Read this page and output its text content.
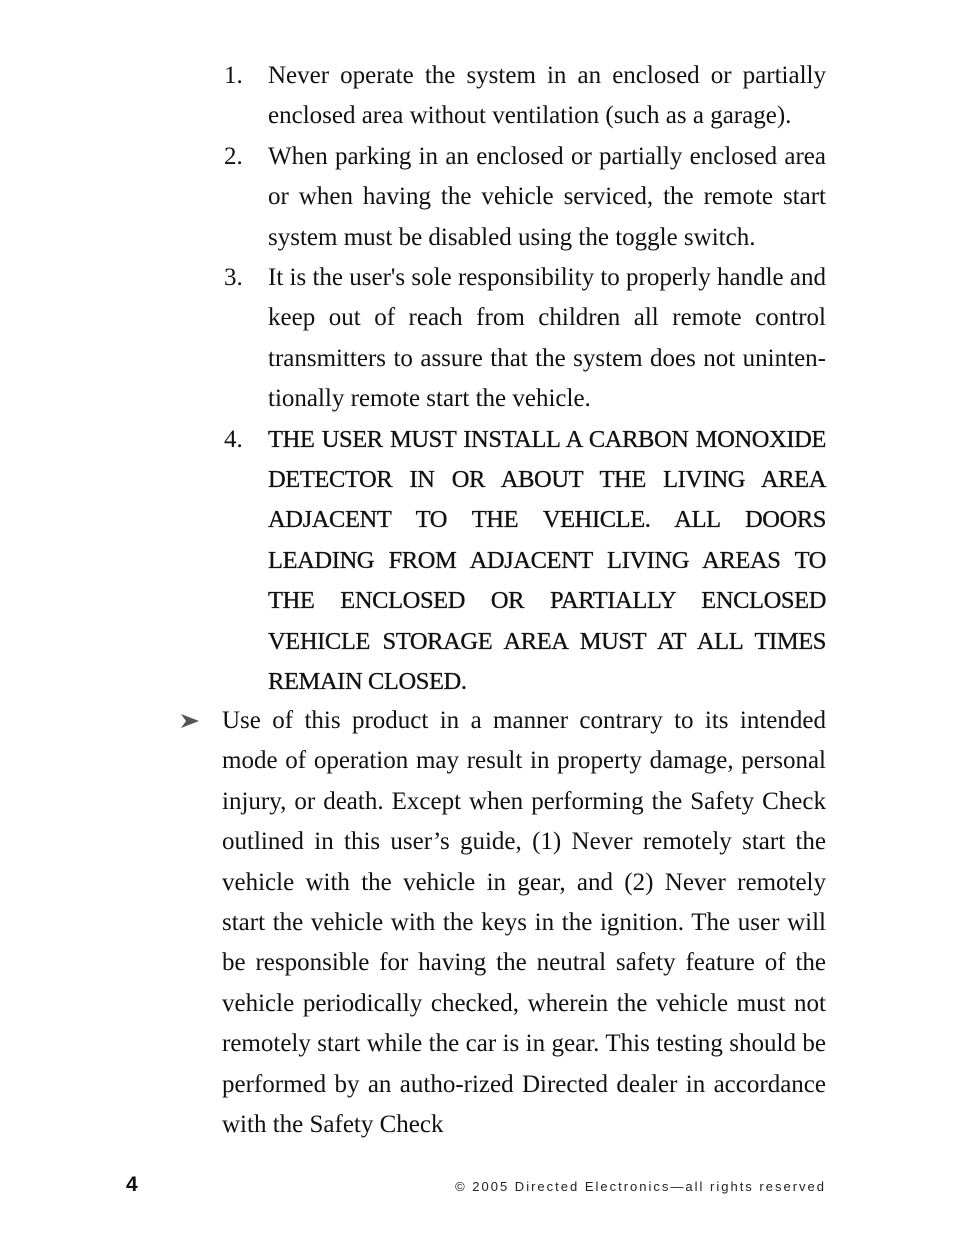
1. Never operate the system in an enclosed or partially enclosed area without ventilation (such as a garage).
2. When parking in an enclosed or partially enclosed area or when having the vehicle serviced, the remote start system must be disabled using the toggle switch.
3. It is the user's sole responsibility to properly handle and keep out of reach from children all remote control transmitters to assure that the system does not uninten-tionally remote start the vehicle.
4. THE USER MUST INSTALL A CARBON MONOXIDE DETECTOR IN OR ABOUT THE LIVING AREA ADJACENT TO THE VEHICLE. ALL DOORS LEADING FROM ADJACENT LIVING AREAS TO THE ENCLOSED OR PARTIALLY ENCLOSED VEHICLE STORAGE AREA MUST AT ALL TIMES REMAIN CLOSED.
Use of this product in a manner contrary to its intended mode of operation may result in property damage, personal injury, or death. Except when performing the Safety Check outlined in this user’s guide, (1) Never remotely start the vehicle with the vehicle in gear, and (2) Never remotely start the vehicle with the keys in the ignition. The user will be responsible for having the neutral safety feature of the vehicle periodically checked, wherein the vehicle must not remotely start while the car is in gear. This testing should be performed by an autho-rized Directed dealer in accordance with the Safety Check
4	© 2005 Directed Electronics—all rights reserved
